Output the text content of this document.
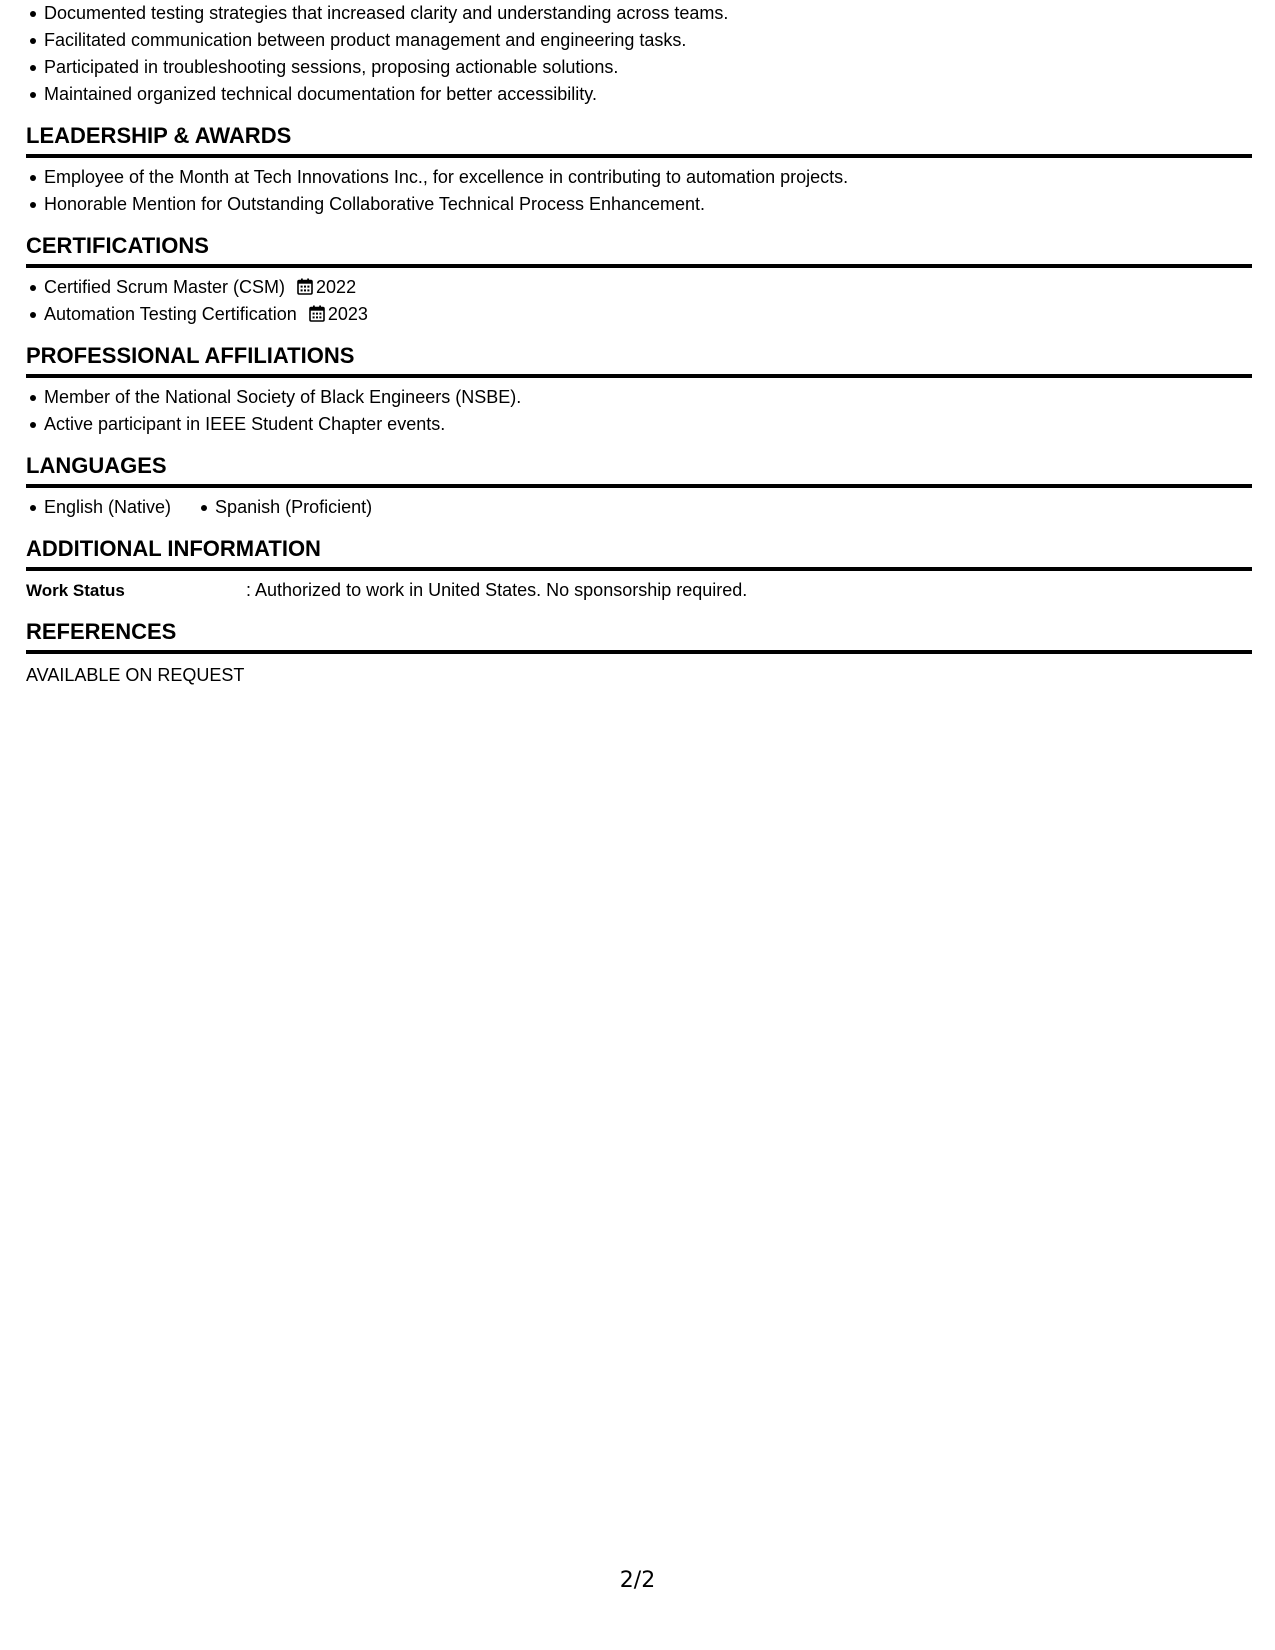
Documented testing strategies that increased clarity and understanding across teams.
Facilitated communication between product management and engineering tasks.
Participated in troubleshooting sessions, proposing actionable solutions.
Maintained organized technical documentation for better accessibility.
LEADERSHIP & AWARDS
Employee of the Month at Tech Innovations Inc., for excellence in contributing to automation projects.
Honorable Mention for Outstanding Collaborative Technical Process Enhancement.
CERTIFICATIONS
Certified Scrum Master (CSM) 2022
Automation Testing Certification 2023
PROFESSIONAL AFFILIATIONS
Member of the National Society of Black Engineers (NSBE).
Active participant in IEEE Student Chapter events.
LANGUAGES
English (Native)	Spanish (Proficient)
ADDITIONAL INFORMATION
Work Status	: Authorized to work in United States. No sponsorship required.
REFERENCES
AVAILABLE ON REQUEST
2/2
